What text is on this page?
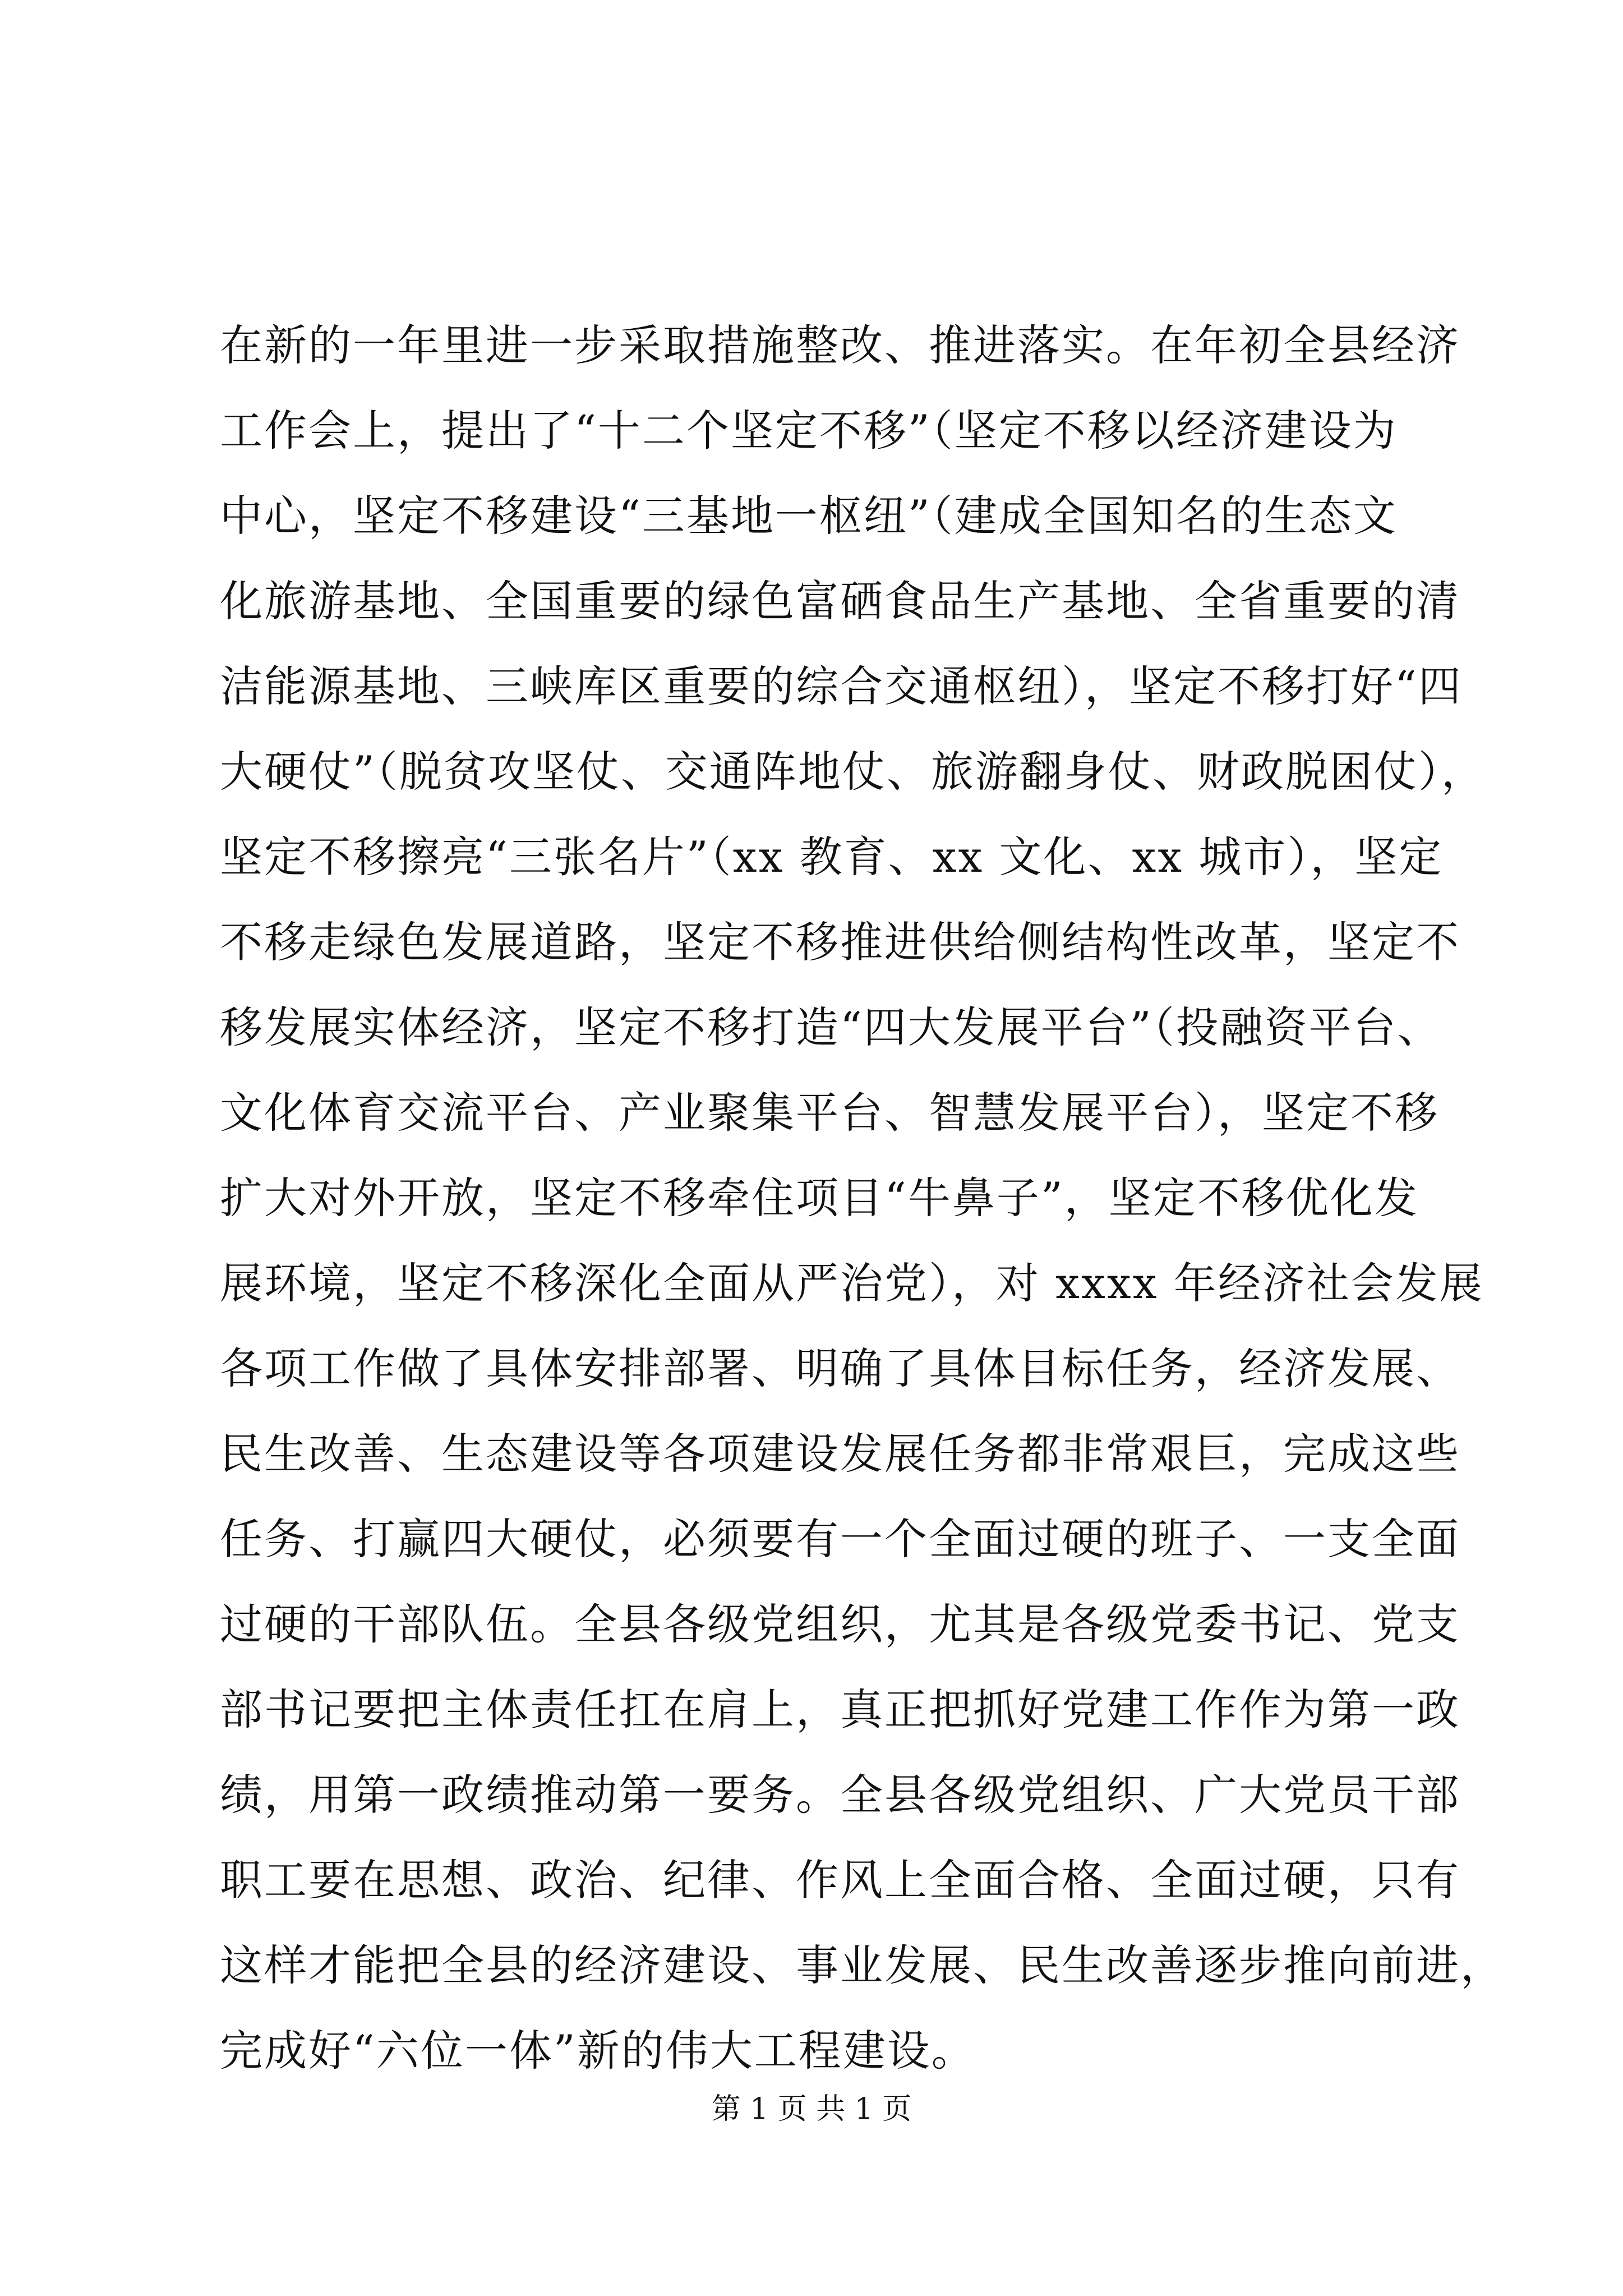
在新的一年里进一步采取措施整改、推进落实。在年初全县经济
工作会上，提出了“十二个坚定不移”（坚定不移以经济建设为
中心，坚定不移建设“三基地一枢纽”（建成全国知名的生态文
化旅游基地、全国重要的绿色富硒食品生产基地、全省重要的清
洁能源基地、三峡库区重要的综合交通枢纽），坚定不移打好“四
大硬仗”（脱贫攻坚仗、交通阵地仗、旅游翻身仗、财政脱困仗），
坚定不移擦亮“三张名片”（xx 教育、xx 文化、xx 城市），坚定
不移走绿色发展道路，坚定不移推进供给侧结构性改革，坚定不
移发展实体经济，坚定不移打造“四大发展平台”（投融资平台、
文化体育交流平台、产业聚集平台、智慧发展平台），坚定不移
扩大对外开放，坚定不移牵住项目“牛鼻子”，坚定不移优化发
展环境，坚定不移深化全面从严治党），对 xxxx 年经济社会发展
各项工作做了具体安排部署、明确了具体目标任务，经济发展、
民生改善、生态建设等各项建设发展任务都非常艰巨，完成这些
任务、打赢四大硬仗，必须要有一个全面过硬的班子、一支全面
过硬的干部队伍。全县各级党组织，尤其是各级党委书记、党支
部书记要把主体责任扛在肩上，真正把抓好党建工作作为第一政
绩，用第一政绩推动第一要务。全县各级党组织、广大党员干部
职工要在思想、政治、纪律、作风上全面合格、全面过硬，只有
这样才能把全县的经济建设、事业发展、民生改善逐步推向前进，
完成好“六位一体”新的伟大工程建设。
第 1 页 共 1 页
